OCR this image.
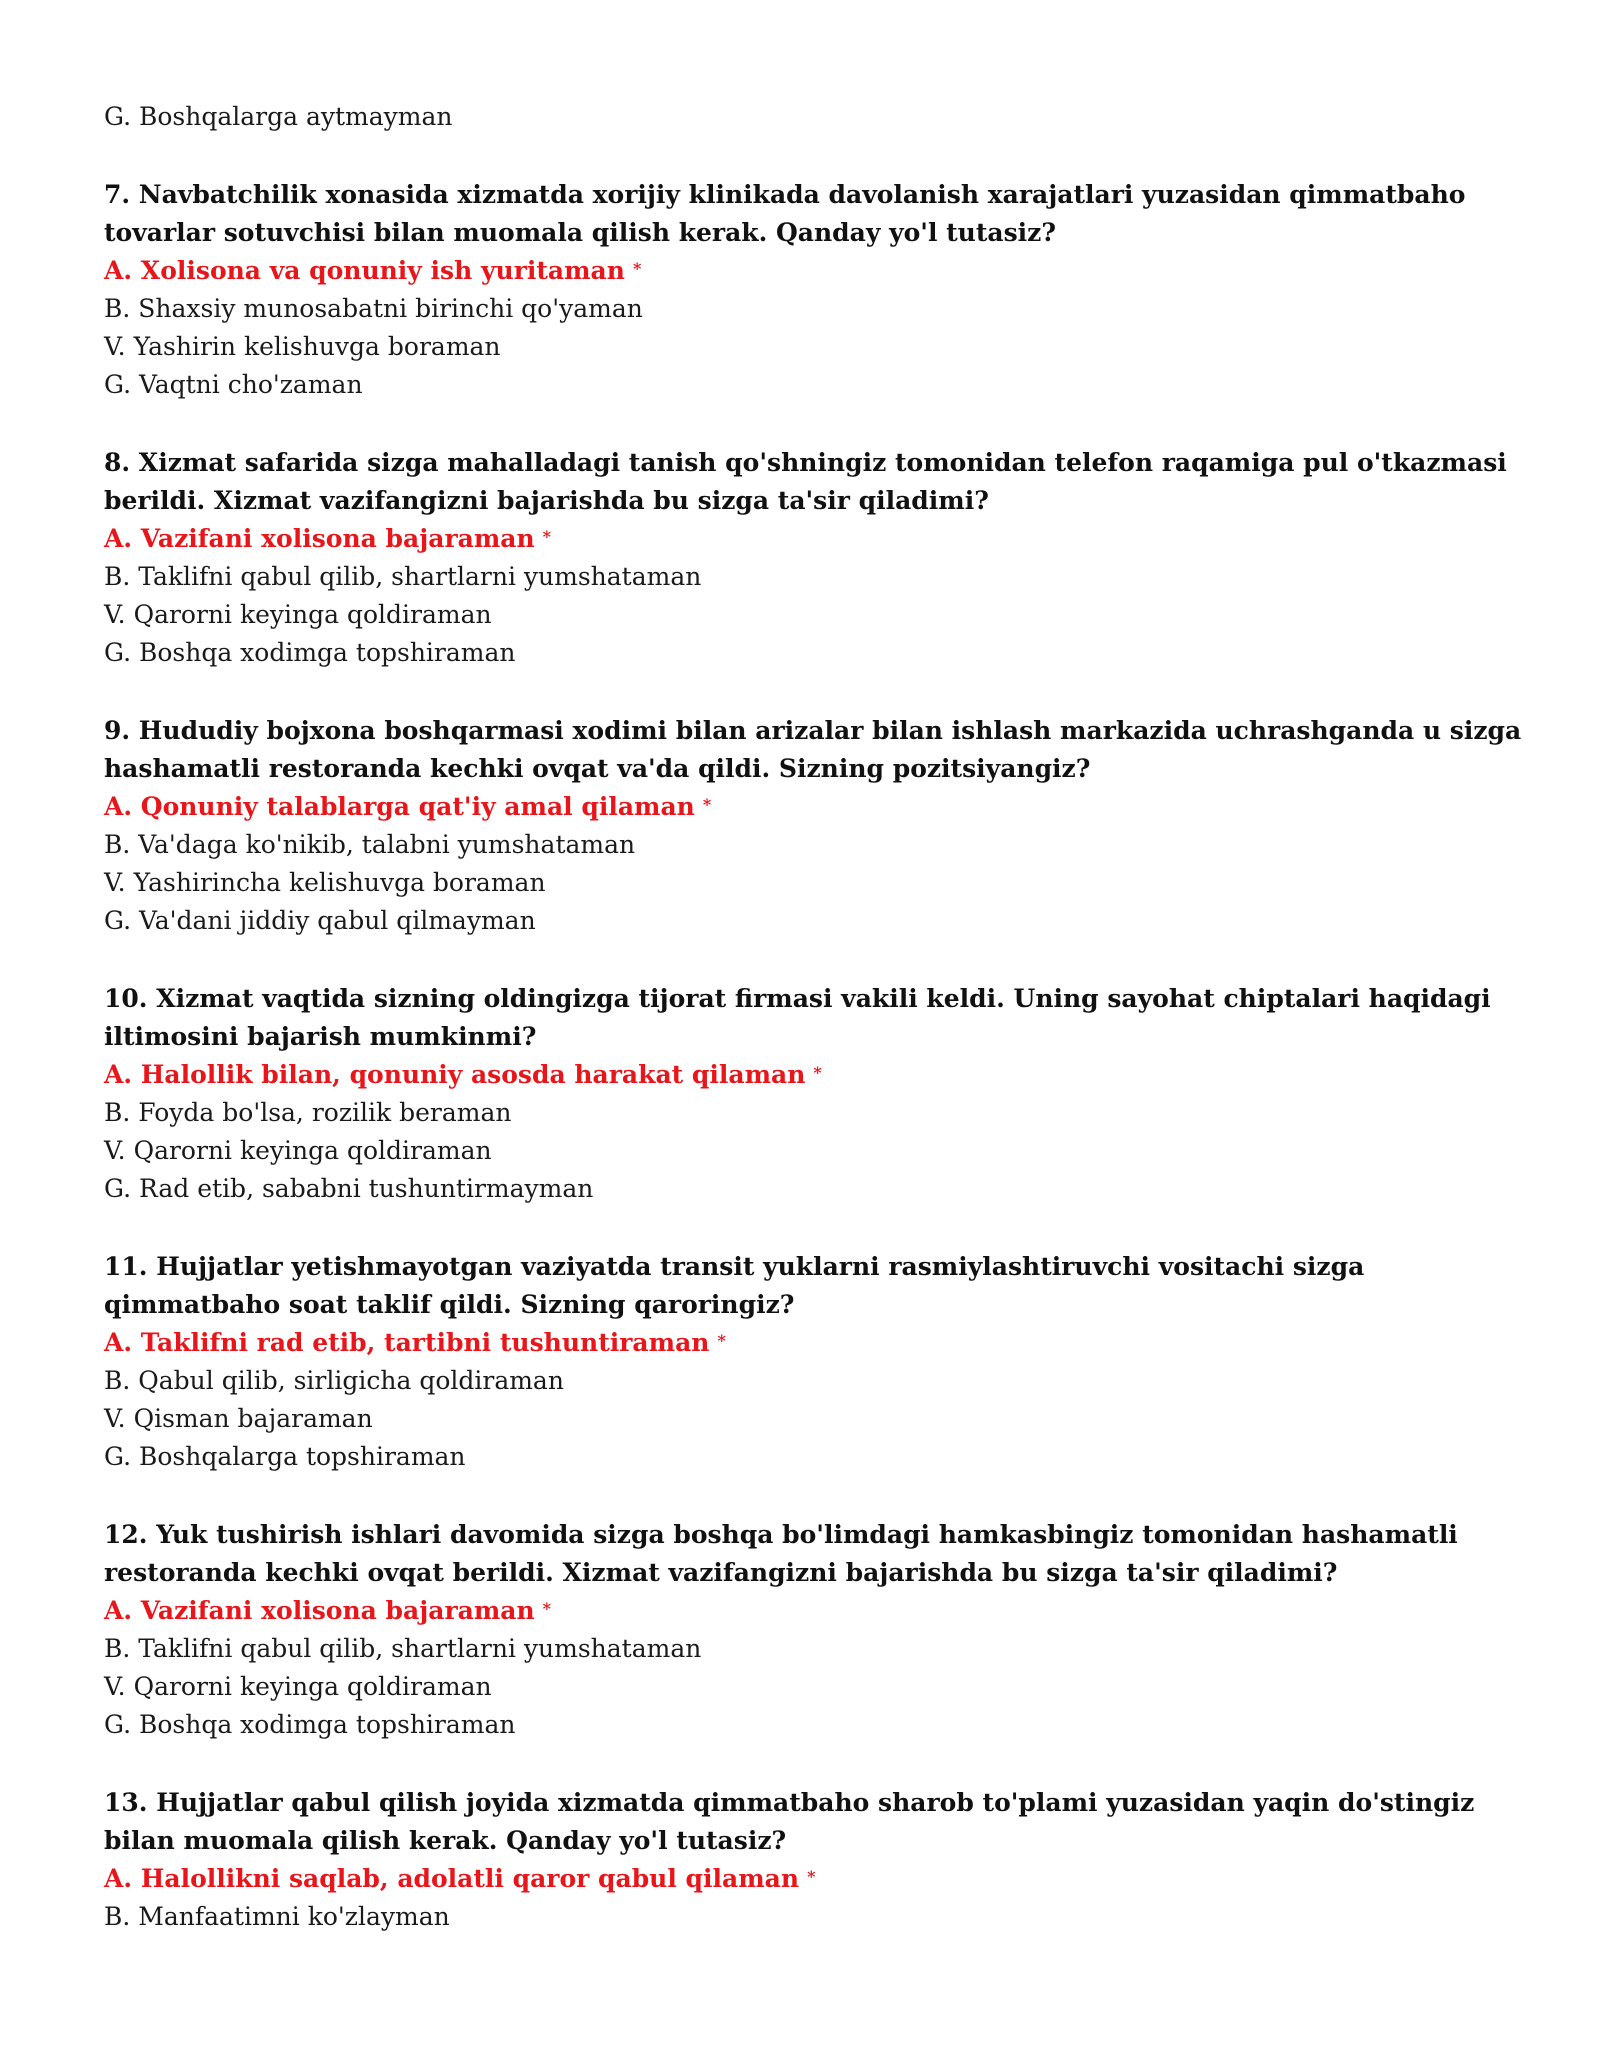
G. Boshqalarga aytmayman

7. Navbatchilik xonasida xizmatda xorijiy klinikada davolanish xarajatlari yuzasidan qimmatbaho tovarlar sotuvchisi bilan muomala qilish kerak. Qanday yo'l tutasiz?

A. Xolisona va qonuniy ish yuritaman *

B. Shaxsiy munosabatni birinchi qo'yaman

V. Yashirin kelishuvga boraman

G. Vaqtni cho'zaman

8. Xizmat safarida sizga mahalladagi tanish qo'shningiz tomonidan telefon raqamiga pul o'tkazmasi berildi. Xizmat vazifangizni bajarishda bu sizga ta'sir qiladimi?

A. Vazifani xolisona bajaraman *

B. Taklifni qabul qilib, shartlarni yumshataman

V. Qarorni keyinga qoldiraman

G. Boshqa xodimga topshiraman

9. Hududiy bojxona boshqarmasi xodimi bilan arizalar bilan ishlash markazida uchrashganda u sizga hashamatli restoranda kechki ovqat va'da qildi. Sizning pozitsiyangiz?

A. Qonuniy talablarga qat'iy amal qilaman *

B. Va'daga ko'nikib, talabni yumshataman

V. Yashirincha kelishuvga boraman

G. Va'dani jiddiy qabul qilmayman

10. Xizmat vaqtida sizning oldingizga tijorat firmasi vakili keldi. Uning sayohat chiptalari haqidagi iltimosini bajarish mumkinmi?

A. Halollik bilan, qonuniy asosda harakat qilaman *

B. Foyda bo'lsa, rozilik beraman

V. Qarorni keyinga qoldiraman

G. Rad etib, sababni tushuntirmayman

11. Hujjatlar yetishmayotgan vaziyatda transit yuklarni rasmiylashtiruvchi vositachi sizga qimmatbaho soat taklif qildi. Sizning qaroringiz?

A. Taklifni rad etib, tartibni tushuntiraman *

B. Qabul qilib, sirligicha qoldiraman

V. Qisman bajaraman

G. Boshqalarga topshiraman

12. Yuk tushirish ishlari davomida sizga boshqa bo'limdagi hamkasbingiz tomonidan hashamatli restoranda kechki ovqat berildi. Xizmat vazifangizni bajarishda bu sizga ta'sir qiladimi?

A. Vazifani xolisona bajaraman *

B. Taklifni qabul qilib, shartlarni yumshataman

V. Qarorni keyinga qoldiraman

G. Boshqa xodimga topshiraman

13. Hujjatlar qabul qilish joyida xizmatda qimmatbaho sharob to'plami yuzasidan yaqin do'stingiz bilan muomala qilish kerak. Qanday yo'l tutasiz?

A. Halollikni saqlab, adolatli qaror qabul qilaman *

B. Manfaatimni ko'zlayman
